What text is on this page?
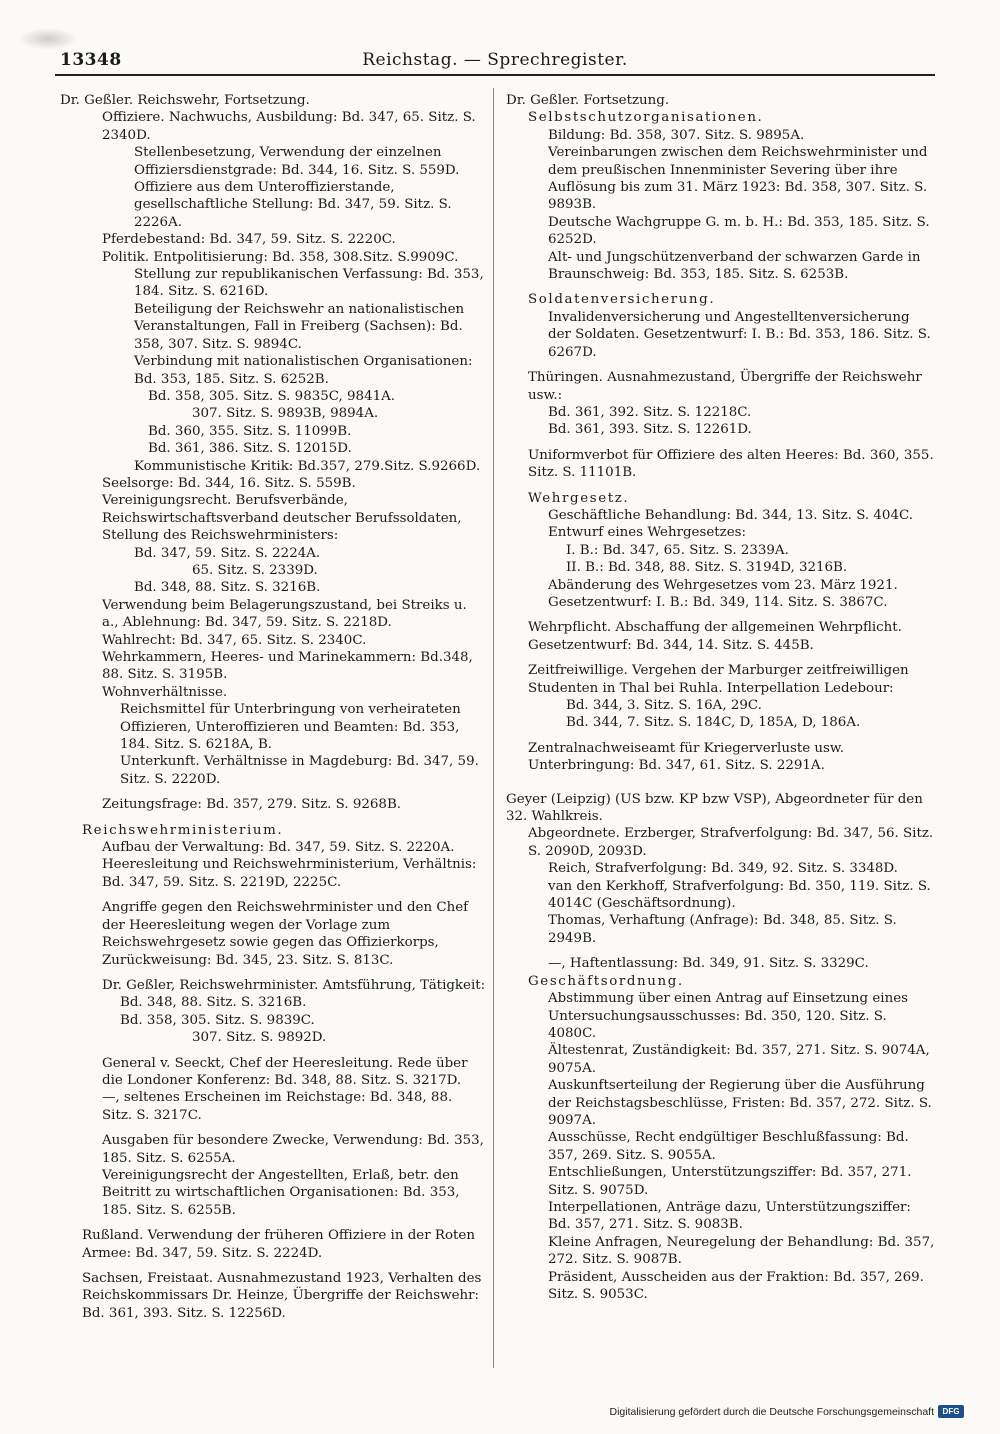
13348	Reichstag. — Sprechregister.
Dr. Geßler. Reichswehr, Fortsetzung.
Offiziere. Nachwuchs, Ausbildung: Bd. 347, 65. Sitz. S. 2340D.
Stellenbesetzung, Verwendung der einzelnen Offiziersdienstgrade: Bd. 344, 16. Sitz. S. 559D.
Offiziere aus dem Unteroffizierstande, gesellschaftliche Stellung: Bd. 347, 59. Sitz. S. 2226A.
Pferdebestand: Bd. 347, 59. Sitz. S. 2220C.
Politik. Entpolitisierung: Bd. 358, 308.Sitz. S.9909C.
Stellung zur republikanischen Verfassung: Bd. 353, 184. Sitz. S. 6216D.
Beteiligung der Reichswehr an nationalistischen Veranstaltungen, Fall in Freiberg (Sachsen): Bd. 358, 307. Sitz. S. 9894C.
Verbindung mit nationalistischen Organisationen: Bd. 353, 185. Sitz. S. 6252B.
Bd. 358, 305. Sitz. S. 9835C, 9841A.
307. Sitz. S. 9893B, 9894A.
Bd. 360, 355. Sitz. S. 11099B.
Bd. 361, 386. Sitz. S. 12015D.
Kommunistische Kritik: Bd.357, 279.Sitz. S.9266D.
Seelsorge: Bd. 344, 16. Sitz. S. 559B.
Vereinigungsrecht. Berufsverbände, Reichswirtschaftsverband deutscher Berufssoldaten, Stellung des Reichswehrministers:
Bd. 347, 59. Sitz. S. 2224A.
65. Sitz. S. 2339D.
Bd. 348, 88. Sitz. S. 3216B.
Verwendung beim Belagerungszustand, bei Streiks u. a., Ablehnung: Bd. 347, 59. Sitz. S. 2218D.
Wahlrecht: Bd. 347, 65. Sitz. S. 2340C.
Wehrkammern, Heeres- und Marinekammern: Bd.348, 88. Sitz. S. 3195B.
Wohnverhältnisse.
Reichsmittel für Unterbringung von verheirateten Offizieren, Unteroffizieren und Beamten: Bd. 353, 184. Sitz. S. 6218A, B.
Unterkunft. Verhältnisse in Magdeburg: Bd. 347, 59. Sitz. S. 2220D.
Zeitungsfrage: Bd. 357, 279. Sitz. S. 9268B.
Reichswehrministerium.
Aufbau der Verwaltung: Bd. 347, 59. Sitz. S. 2220A.
Heeresleitung und Reichswehrministerium, Verhältnis: Bd. 347, 59. Sitz. S. 2219D, 2225C.
Angriffe gegen den Reichswehrminister und den Chef der Heeresleitung wegen der Vorlage zum Reichswehrgesetz sowie gegen das Offizierkorps, Zurückweisung: Bd. 345, 23. Sitz. S. 813C.
Dr. Geßler, Reichswehrminister. Amtsführung, Tätigkeit:
Bd. 348, 88. Sitz. S. 3216B.
Bd. 358, 305. Sitz. S. 9839C.
307. Sitz. S. 9892D.
General v. Seeckt, Chef der Heeresleitung. Rede über die Londoner Konferenz: Bd. 348, 88. Sitz. S. 3217D.
—, seltenes Erscheinen im Reichstage: Bd. 348, 88. Sitz. S. 3217C.
Ausgaben für besondere Zwecke, Verwendung: Bd. 353, 185. Sitz. S. 6255A.
Vereinigungsrecht der Angestellten, Erlaß, betr. den Beitritt zu wirtschaftlichen Organisationen: Bd. 353, 185. Sitz. S. 6255B.
Rußland. Verwendung der früheren Offiziere in der Roten Armee: Bd. 347, 59. Sitz. S. 2224D.
Sachsen, Freistaat. Ausnahmezustand 1923, Verhalten des Reichskommissars Dr. Heinze, Übergriffe der Reichswehr: Bd. 361, 393. Sitz. S. 12256D.
Dr. Geßler. Fortsetzung.
Selbstschutzorganisationen.
Bildung: Bd. 358, 307. Sitz. S. 9895A.
Vereinbarungen zwischen dem Reichswehrminister und dem preußischen Innenminister Severing über ihre Auflösung bis zum 31. März 1923: Bd. 358, 307. Sitz. S. 9893B.
Deutsche Wachgruppe G. m. b. H.: Bd. 353, 185. Sitz. S. 6252D.
Alt- und Jungschützenverband der schwarzen Garde in Braunschweig: Bd. 353, 185. Sitz. S. 6253B.
Soldatenversicherung.
Invalidenversicherung und Angestelltenversicherung der Soldaten. Gesetzentwurf: I. B.: Bd. 353, 186. Sitz. S. 6267D.
Thüringen. Ausnahmezustand, Übergriffe der Reichswehr usw.:
Bd. 361, 392. Sitz. S. 12218C.
Bd. 361, 393. Sitz. S. 12261D.
Uniformverbot für Offiziere des alten Heeres: Bd. 360, 355. Sitz. S. 11101B.
Wehrgesetz.
Geschäftliche Behandlung: Bd. 344, 13. Sitz. S. 404C.
Entwurf eines Wehrgesetzes:
I. B.: Bd. 347, 65. Sitz. S. 2339A.
II. B.: Bd. 348, 88. Sitz. S. 3194D, 3216B.
Abänderung des Wehrgesetzes vom 23. März 1921. Gesetzentwurf: I. B.: Bd. 349, 114. Sitz. S. 3867C.
Wehrpflicht. Abschaffung der allgemeinen Wehrpflicht. Gesetzentwurf: Bd. 344, 14. Sitz. S. 445B.
Zeitfreiwillige. Vergehen der Marburger zeitfreiwilligen Studenten in Thal bei Ruhla. Interpellation Ledebour:
Bd. 344, 3. Sitz. S. 16A, 29C.
Bd. 344, 7. Sitz. S. 184C, D, 185A, D, 186A.
Zentralnachweiseamt für Kriegerverluste usw. Unterbringung: Bd. 347, 61. Sitz. S. 2291A.
Geyer (Leipzig) (US bzw. KP bzw VSP), Abgeordneter für den 32. Wahlkreis.
Abgeordnete. Erzberger, Strafverfolgung: Bd. 347, 56. Sitz. S. 2090D, 2093D.
Reich, Strafverfolgung: Bd. 349, 92. Sitz. S. 3348D.
van den Kerkhoff, Strafverfolgung: Bd. 350, 119. Sitz. S. 4014C (Geschäftsordnung).
Thomas, Verhaftung (Anfrage): Bd. 348, 85. Sitz. S. 2949B.
—, Haftentlassung: Bd. 349, 91. Sitz. S. 3329C.
Geschäftsordnung.
Abstimmung über einen Antrag auf Einsetzung eines Untersuchungsausschusses: Bd. 350, 120. Sitz. S. 4080C.
Ältestenrat, Zuständigkeit: Bd. 357, 271. Sitz. S. 9074A, 9075A.
Auskunftserteilung der Regierung über die Ausführung der Reichstagsbeschlüsse, Fristen: Bd. 357, 272. Sitz. S. 9097A.
Ausschüsse, Recht endgültiger Beschlußfassung: Bd. 357, 269. Sitz. S. 9055A.
Entschließungen, Unterstützungsziffer: Bd. 357, 271. Sitz. S. 9075D.
Interpellationen, Anträge dazu, Unterstützungsziffer: Bd. 357, 271. Sitz. S. 9083B.
Kleine Anfragen, Neuregelung der Behandlung: Bd. 357, 272. Sitz. S. 9087B.
Präsident, Ausscheiden aus der Fraktion: Bd. 357, 269. Sitz. S. 9053C.
Digitalisierung gefördert durch die Deutsche Forschungsgemeinschaft	DFG
